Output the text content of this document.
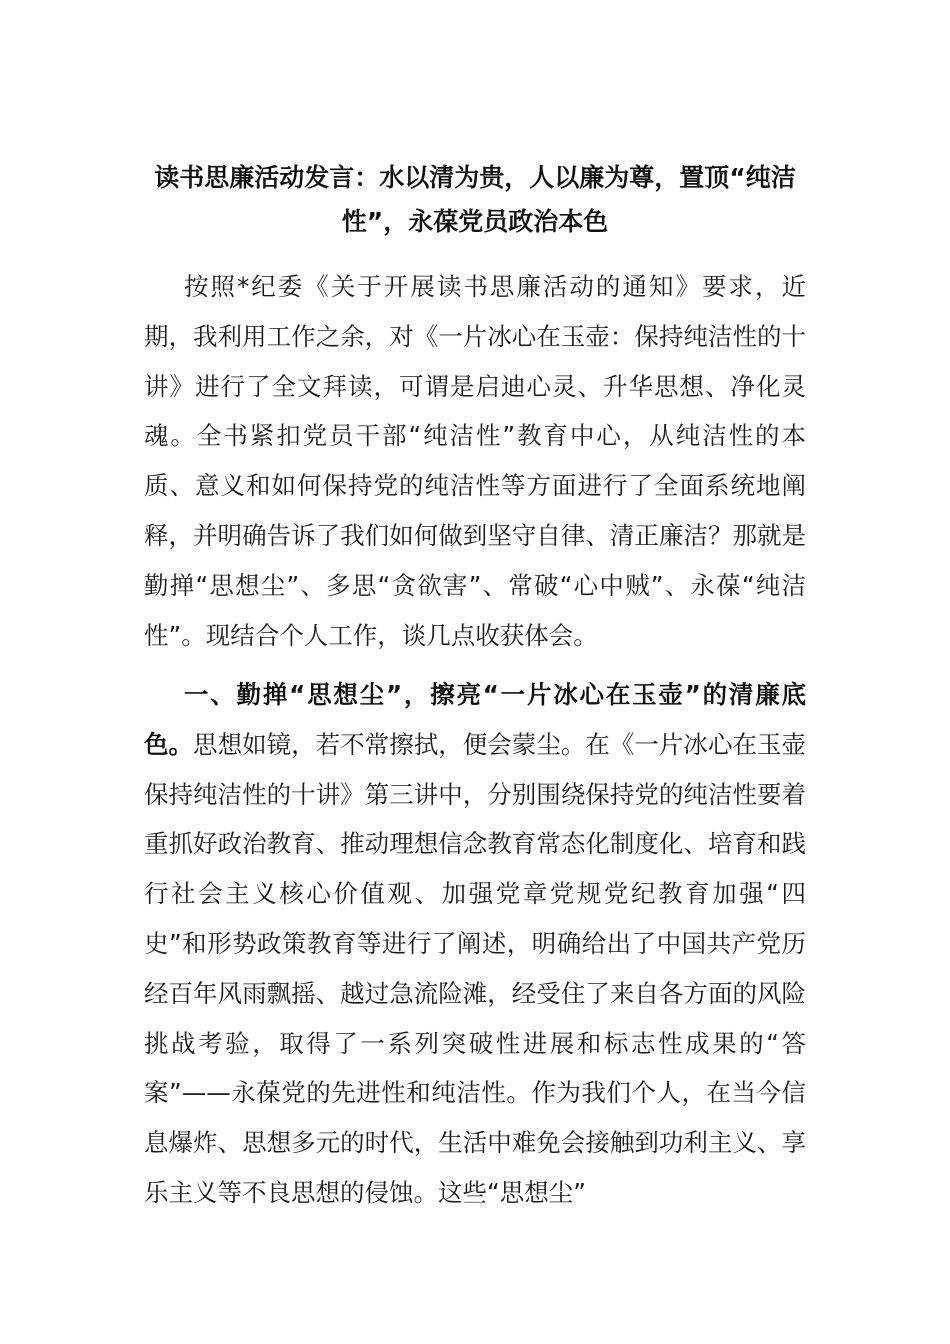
读书思廉活动发言：水以清为贵，人以廉为尊，置顶“纯洁性”，永葆党员政治本色

按照*纪委《关于开展读书思廉活动的通知》要求，近期，我利用工作之余，对《一片冰心在玉壶：保持纯洁性的十讲》进行了全文拜读，可谓是启迪心灵、升华思想、净化灵魂。全书紧扣党员干部“纯洁性”教育中心，从纯洁性的本质、意义和如何保持党的纯洁性等方面进行了全面系统地阐释，并明确告诉了我们如何做到坚守自律、清正廉洁？那就是勤掸“思想尘”、多思“贪欲害”、常破“心中贼”、永葆“纯洁性”。现结合个人工作，谈几点收获体会。

一、勤掸“思想尘”，擦亮“一片冰心在玉壶”的清廉底色。思想如镜，若不常擦拭，便会蒙尘。在《一片冰心在玉壶保持纯洁性的十讲》第三讲中，分别围绕保持党的纯洁性要着重抓好政治教育、推动理想信念教育常态化制度化、培育和践行社会主义核心价值观、加强党章党规党纪教育加强“四史”和形势政策教育等进行了阐述，明确给出了中国共产党历经百年风雨飘摇、越过急流险滩，经受住了来自各方面的风险挑战考验，取得了一系列突破性进展和标志性成果的“答案”——永葆党的先进性和纯洁性。作为我们个人，在当今信息爆炸、思想多元的时代，生活中难免会接触到功利主义、享乐主义等不良思想的侵蚀。这些“思想尘”
